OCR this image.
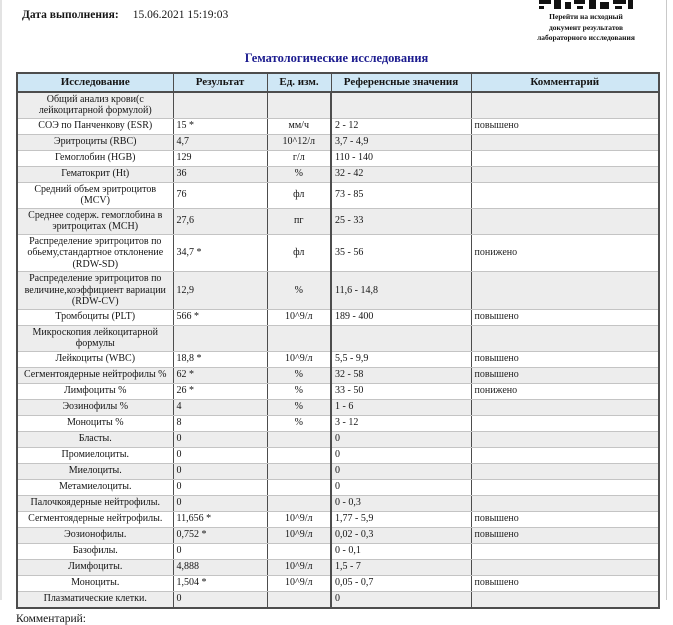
Дата выполнения: 15.06.2021 15:19:03	Перейти на исходный
документ результатов
лабораторного исследования
Гематологические исследования
Исследование	Результат	Ед. изм.	Референсные значения	Комментарий
Общий анализ крови(с лейкоцитарной формулой)				
СОЭ по Панченкову (ESR)	15 *	мм/ч	2 - 12	повышено
Эритроциты (RBC)	4,7	10^12/л	3,7 - 4,9	
Гемоглобин (HGB)	129	г/л	110 - 140	
Гематокрит (Ht)	36	%	32 - 42	
Средний объем эритроцитов (MCV)	76	фл	73 - 85	
Среднее содерж. гемоглобина в эритроцитах (MCH)	27,6	пг	25 - 33	
Распределение эритроцитов по обьему,стандартное отклонение (RDW-SD)	34,7 *	фл	35 - 56	понижено
Распределение эритроцитов по величине,коэффициент вариации (RDW-CV)	12,9	%	11,6 - 14,8	
Тромбоциты (PLT)	566 *	10^9/л	189 - 400	повышено
Микроскопия лейкоцитарной формулы				
Лейкоциты (WBC)	18,8 *	10^9/л	5,5 - 9,9	повышено
Сегментоядерные нейтрофилы %	62 *	%	32 - 58	повышено
Лимфоциты %	26 *	%	33 - 50	понижено
Эозинофилы %	4	%	1 - 6	
Моноциты %	8	%	3 - 12	
Бласты.	0		0	
Промиелоциты.	0		0	
Миелоциты.	0		0	
Метамиелоциты.	0		0	
Палочкоядерные нейтрофилы.	0		0 - 0,3	
Сегментоядерные нейтрофилы.	11,656 *	10^9/л	1,77 - 5,9	повышено
Эозионофилы.	0,752 *	10^9/л	0,02 - 0,3	повышено
Базофилы.	0		0 - 0,1	
Лимфоциты.	4,888	10^9/л	1,5 - 7	
Моноциты.	1,504 *	10^9/л	0,05 - 0,7	повышено
Плазматические клетки.	0		0	
Комментарий:
